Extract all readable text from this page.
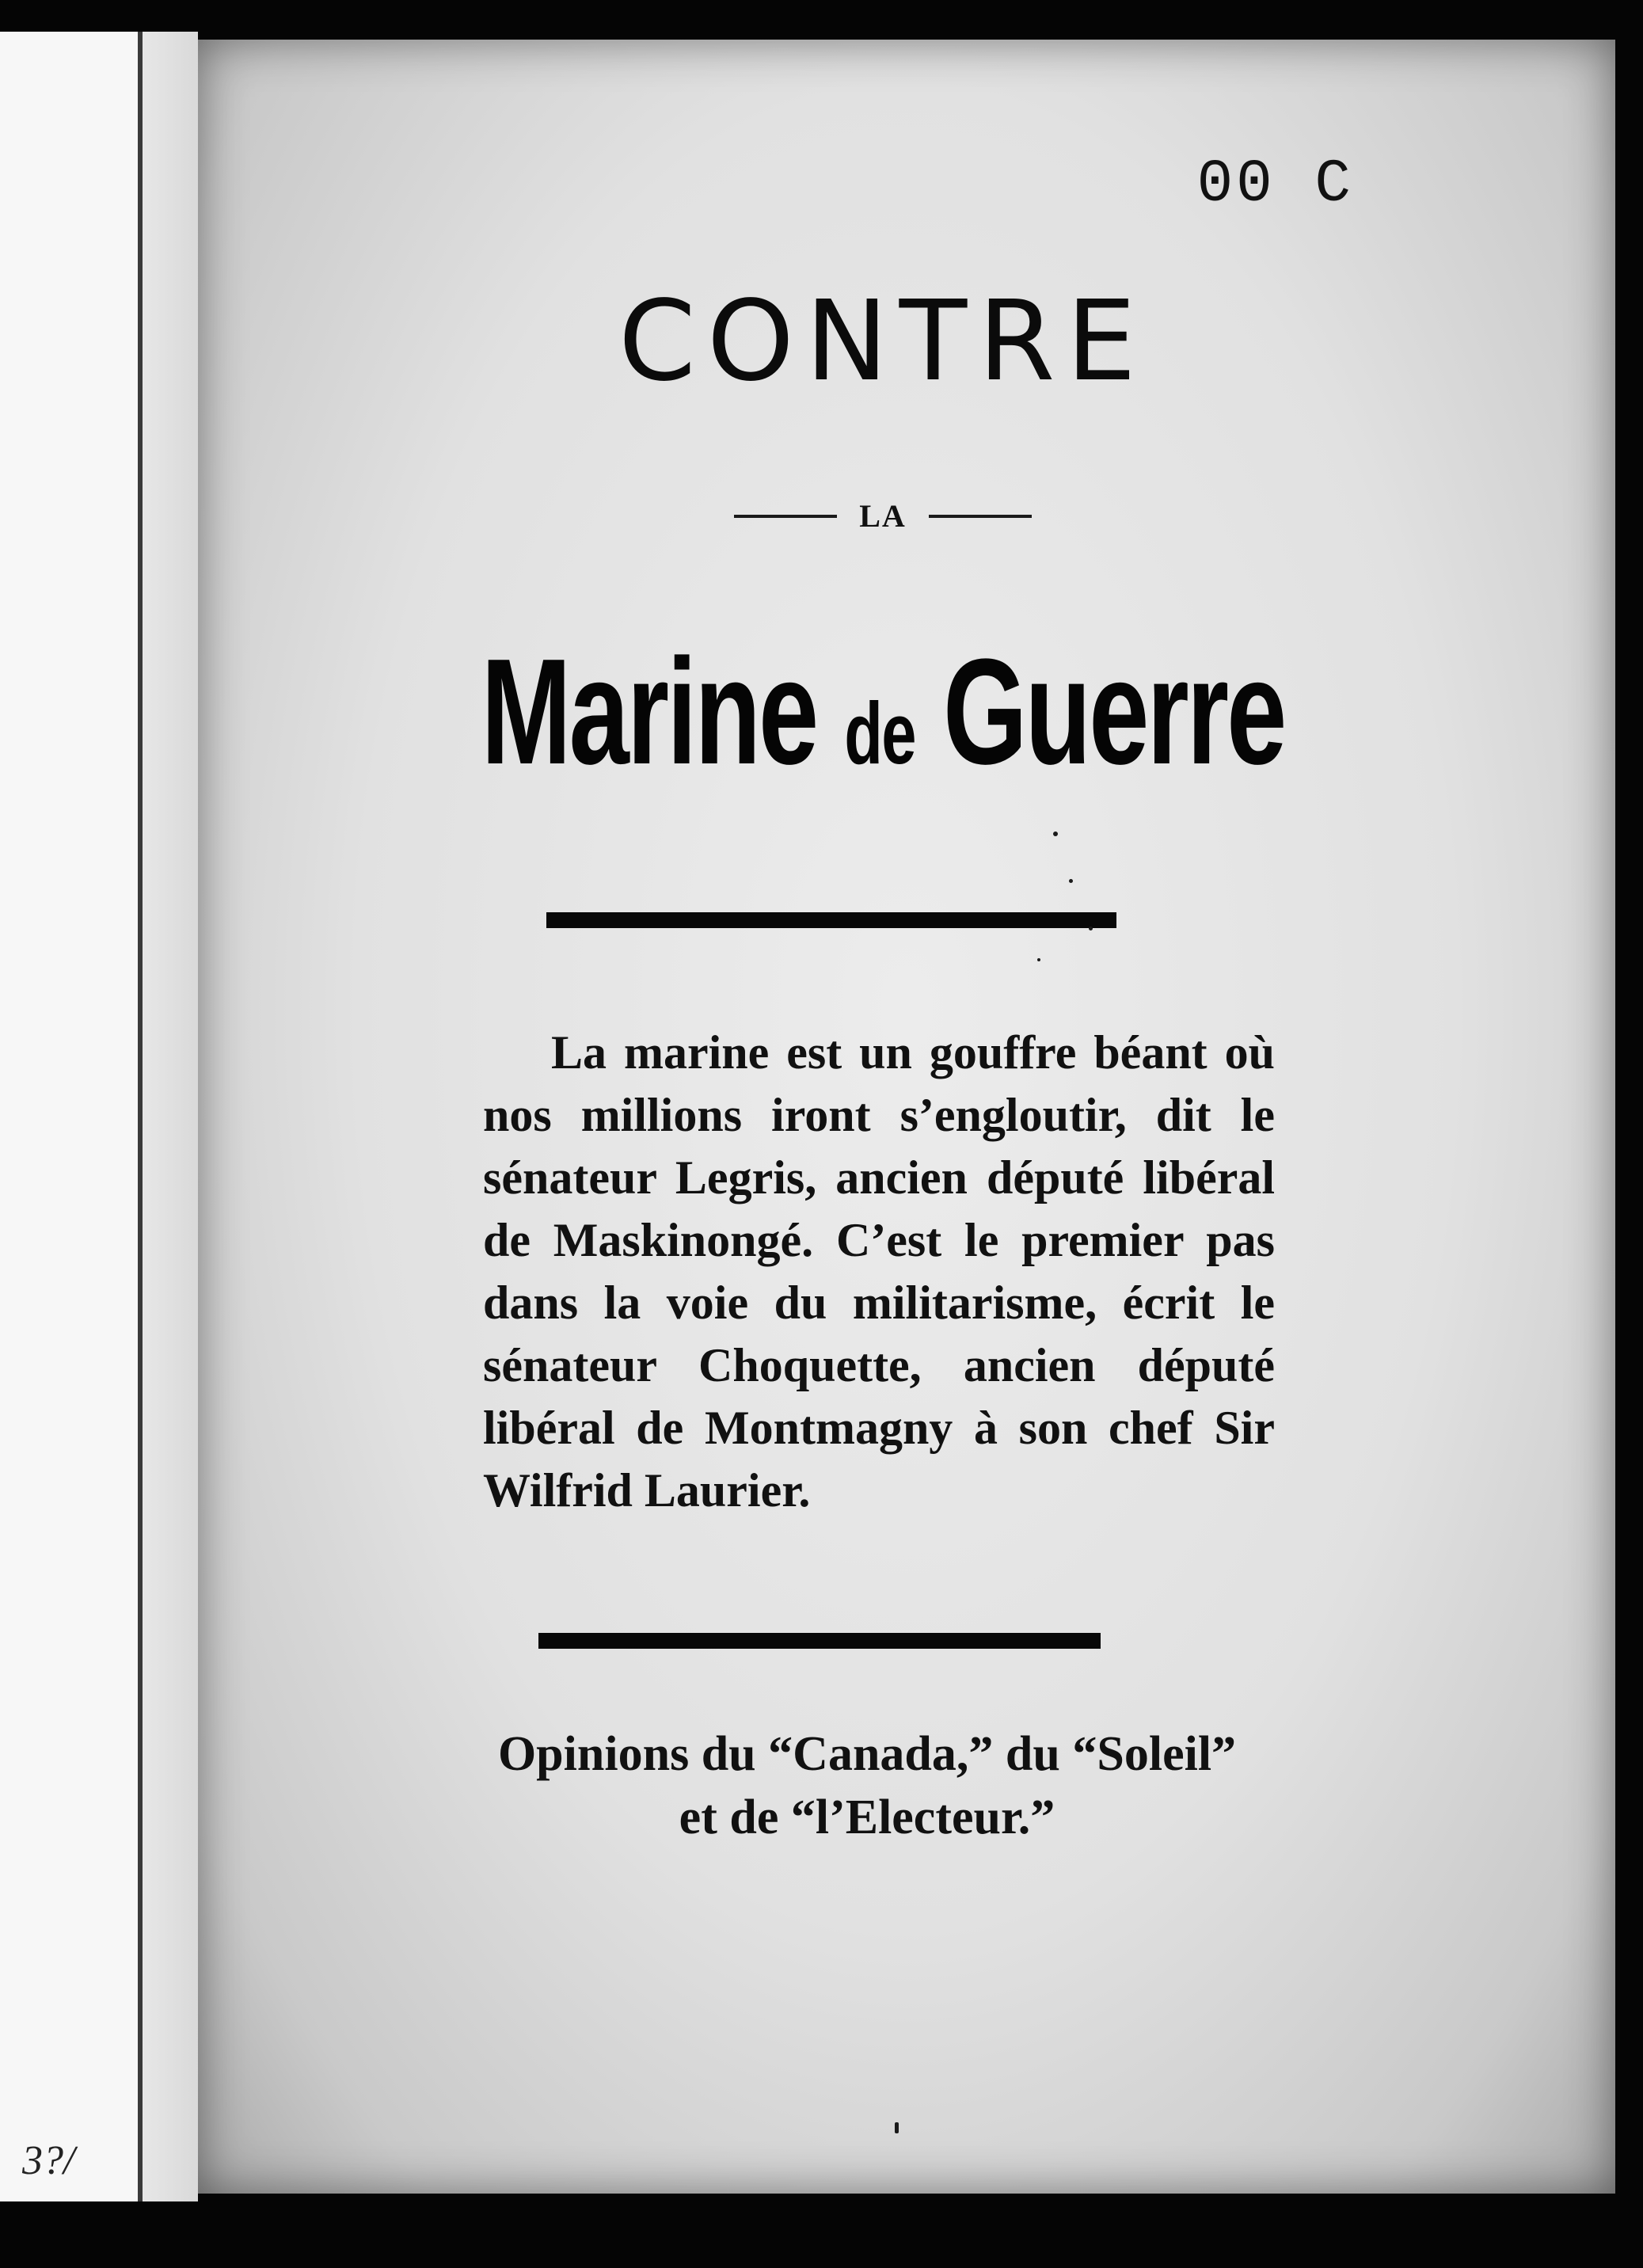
3?/
00 C
CONTRE
LA
Marine de Guerre
La marine est un gouffre béant où nos millions iront s’engloutir, dit le sénateur Legris, ancien député libéral de Maskinongé. C’est le premier pas dans la voie du militarisme, écrit le sénateur Choquette, ancien député libéral de Montmagny à son chef Sir Wilfrid Laurier.
Opinions du “Canada,” du “Soleil”
et de “l’Electeur.”
